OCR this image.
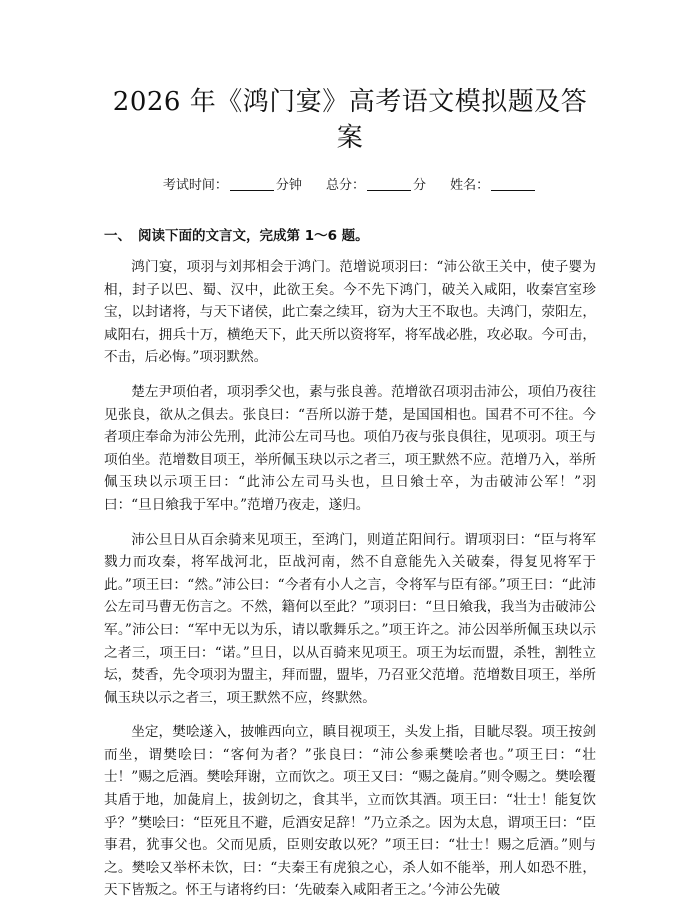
2026 年《鸿门宴》高考语文模拟题及答案
考试时间：	分钟 总分：	分 姓名：
一、 阅读下面的文言文，完成第 1～6 题。

鸿门宴，项羽与刘邦相会于鸿门。范增说项羽曰：“沛公欲王关中，使子婴为相，封子以巴、蜀、汉中，此欲王矣。今不先下鸿门，破关入咸阳，收秦宫室珍宝，以封诸将，与天下诸侯，此亡秦之续耳，窃为大王不取也。夫鸿门，荥阳左，咸阳右，拥兵十万，横绝天下，此天所以资将军，将军战必胜，攻必取。今可击，不击，后必悔。”项羽默然。

楚左尹项伯者，项羽季父也，素与张良善。范增欲召项羽击沛公，项伯乃夜往见张良，欲从之俱去。张良曰：“吾所以游于楚，是国国相也。国君不可不往。今者项庄奉命为沛公先刑，此沛公左司马也。项伯乃夜与张良俱往，见项羽。项王与项伯坐。范增数目项王，举所佩玉玦以示之者三，项王默然不应。范增乃入，举所佩玉玦以示项王曰：“此沛公左司马头也，旦日飨士卒，为击破沛公军！”羽曰：“旦日飨我于军中。”范增乃夜走，遂归。

沛公旦日从百余骑来见项王，至鸿门，则道芷阳间行。谓项羽曰：“臣与将军戮力而攻秦，将军战河北，臣战河南，然不自意能先入关破秦，得复见将军于此。”项王曰：“然。”沛公曰：“今者有小人之言，令将军与臣有郤。”项王曰：“此沛公左司马曹无伤言之。不然，籍何以至此？”项羽曰：“旦日飨我，我当为击破沛公军。”沛公曰：“军中无以为乐，请以歌舞乐之。”项王许之。沛公因举所佩玉玦以示之者三，项王曰：“诺。”旦日，以从百骑来见项王。项王为坛而盟，杀牲，割牲立坛，焚香，先令项羽为盟主，拜而盟，盟毕，乃召亚父范增。范增数目项王，举所佩玉玦以示之者三，项王默然不应，终默然。

坐定，樊哙遂入，披帷西向立，瞋目视项王，头发上指，目眦尽裂。项王按剑而坐，谓樊哙曰：“客何为者？”张良曰：“沛公参乘樊哙者也。”项王曰：“壮士！”赐之卮酒。樊哙拜谢，立而饮之。项王又曰：“赐之彘肩。”则令赐之。樊哙覆其盾于地，加彘肩上，拔剑切之，食其半，立而饮其酒。项王曰：“壮士！能复饮乎？”樊哙曰：“臣死且不避，卮酒安足辞！”乃立杀之。因为太息，谓项王曰：“臣事君，犹事父也。父而见质，臣则安敢以死？”项王曰：“壮士！赐之卮酒。”则与之。樊哙又举杯未饮，曰：“夫秦王有虎狼之心，杀人如不能举，刑人如恐不胜，天下皆叛之。怀王与诸将约曰：‘先破秦入咸阳者王之。’今沛公先破
